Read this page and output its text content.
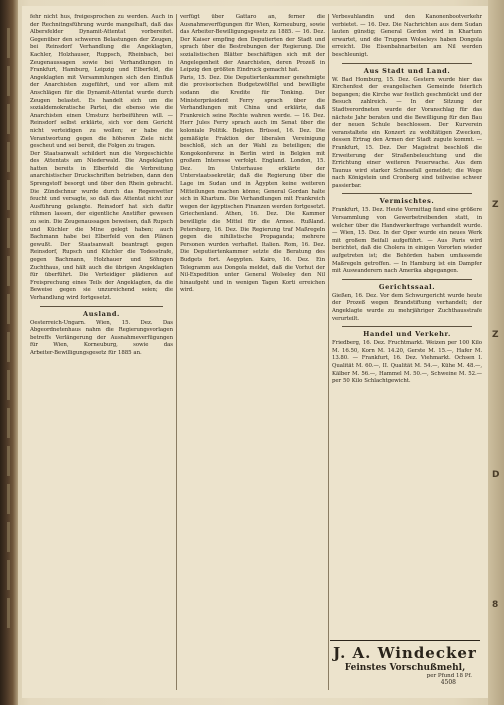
fehr nicht hus, freigesprochen zu werden. Auch in der Rechnitngsführung wurde mangelhaft, daß das Albersfelder Dynamit‑Attentat vorbereitet. Gegenüber den schweren Belastungen der Zeugen, bei Reinsdorf Verhandlung die Angeklagten, Kachler, Holzhauser, Ruppsch, Rheinbach, bei Zeugenaussagen sowie bei Verhandlungen in Frankfurt, Hamburg, Leipzig und Elberfeld, die Angeklagten mit Versammlungen sich den Einfluß der Anarchisten zugeführt, und vor allem mit Anschlägen für die Dynamit‑Attentat wurde durch Zeugen belastet. Es handelt sich um die sozialdemokratische Partei, die ebenso wie die Anarchisten einen Umsturz herbeiführen will. — Reinsdorf selbst erklärte, sich vor dem Gericht nicht verteidigen zu wollen; er habe die Verantwortung gegen die höheren Ziele nicht gescheut und sei bereit, die Folgen zu tragen.

Der Staatsanwalt schildert nun die Vorgeschichte des Attentats am Niederwald. Die Angeklagten hatten bereits in Elberfeld die Verbreitung anarchistischer Druckschriften betrieben, dann den Sprengstoff besorgt und über den Rhein gebracht. Die Zündschnur wurde durch das Regenwetter feucht und versagte, so daß das Attentat nicht zur Ausführung gelangte. Reinsdorf hat sich dafür rühmen lassen, der eigentliche Anstifter gewesen zu sein. Die Zeugenaussagen beweisen, daß Rupsch und Küchler die Mine gelegt haben; auch Bachmann habe bei Elberfeld von den Plänen gewußt. Der Staatsanwalt beantragt gegen Reinsdorf, Rupsch und Küchler die Todesstrafe, gegen Bachmann, Holzhauer und Söhngen Zuchthaus, und hält auch die übrigen Angeklagten für überführt. Die Verteidiger plädieren auf Freisprechung eines Teils der Angeklagten, da die Beweise gegen sie unzureichend seien; die Verhandlung wird fortgesetzt.

Ausland.

Oesterreich‑Ungarn. Wien, 15. Dez. Das Abgeordnetenhaus nahm die Regierungsvorlagen betreffs Verlängerung der Ausnahmeverfügungen für Wien, Korneuburg, sowie das Arbeiter‑Bewilligungsgesetz für 1885 an.

verfügt über Gattaro an, ferner die Ausnahmeverfügungen für Wien, Korneuburg, sowie das Arbeiter‑Bewilligungsgesetz zu 1885. — 16. Dez. Der Kaiser empfing den Deputierten der Stadt und sprach über die Bestrebungen der Regierung. Die sozialistischen Blätter beschäftigen sich mit der Angelegenheit der Anarchisten, deren Prozeß in Leipzig den größten Eindruck gemacht hat.

Paris, 15. Dez. Die Deputiertenkammer genehmigte die provisorischen Budgetzwölftel und bewilligte sodann die Kredite für Tonking. Der Ministerpräsident Ferry sprach über die Verhandlungen mit China und erklärte, daß Frankreich seine Rechte wahren werde. — 16. Dez. Herr Jules Ferry sprach auch im Senat über die koloniale Politik. Belgien. Brüssel, 16. Dez. Die gemäßigte Fraktion der liberalen Vereinigung beschloß, sich an der Wahl zu beteiligen; die Kongokonferenz in Berlin wird in Belgien mit großem Interesse verfolgt. England. London, 15. Dez. Im Unterhause erklärte der Unterstaatssekretär, daß die Regierung über die Lage im Sudan und in Ägypten keine weiteren Mitteilungen machen könne; General Gordan halte sich in Khartum. Die Verhandlungen mit Frankreich wegen der ägyptischen Finanzen werden fortgesetzt. Griechenland. Athen, 16. Dez. Die Kammer bewilligte die Mittel für die Armee. Rußland. Petersburg, 16. Dez. Die Regierung traf Maßregeln gegen die nihilistische Propaganda; mehrere Personen wurden verhaftet. Italien. Rom, 16. Dez. Die Deputiertenkammer setzte die Beratung des Budgets fort. Aegypten. Kairo, 16. Dez. Ein Telegramm aus Dongola meldet, daß die Vorhut der Nil‑Expedition unter General Wolseley den Nil hinaufgeht und in wenigen Tagen Korti erreichen wird.

Verbesuhlandin und den Kanonenbootverkehr verbietet. — 16. Dez. Die Nachrichten aus dem Sudan lauten günstig; General Gordon wird in Khartum erwartet, und die Truppen Wolseleys haben Dongola erreicht. Die Eisenbahnarbeiten am Nil werden beschleunigt.

Aus Stadt und Land.

W. Bad Homburg, 15. Dez. Gestern wurde hier das Kirchenfest der evangelischen Gemeinde feierlich begangen; die Kirche war festlich geschmückt und der Besuch zahlreich. — In der Sitzung der Stadtverordneten wurde der Voranschlag für das nächste Jahr beraten und die Bewilligung für den Bau der neuen Schule beschlossen. Der Kurverein veranstaltete ein Konzert zu wohltätigen Zwecken, dessen Ertrag den Armen der Stadt zugute kommt. — Frankfurt, 15. Dez. Der Magistrat beschloß die Erweiterung der Straßenbeleuchtung und die Errichtung einer weiteren Feuerwache. Aus dem Taunus wird starker Schneefall gemeldet; die Wege nach Königstein und Cronberg sind teilweise schwer passierbar.

Vermischtes.

Frankfurt, 15. Dez. Heute Vormittag fand eine größere Versammlung von Gewerbetreibenden statt, in welcher über die Handwerkerfrage verhandelt wurde. — Wien, 15. Dez. In der Oper wurde ein neues Werk mit großem Beifall aufgeführt. — Aus Paris wird berichtet, daß die Cholera in einigen Vororten wieder aufgetreten ist; die Behörden haben umfassende Maßregeln getroffen. — In Hamburg ist ein Dampfer mit Auswanderern nach Amerika abgegangen.

Gerichtssaal.

Gießen, 16. Dez. Vor dem Schwurgericht wurde heute der Prozeß wegen Brandstiftung verhandelt; der Angeklagte wurde zu mehrjähriger Zuchthausstrafe verurteilt.

Handel und Verkehr.

Friedberg, 16. Dez. Fruchtmarkt. Weizen per 100 Kilo M. 16.50, Korn M. 14.20, Gerste M. 15.—, Hafer M. 13.80. — Frankfurt, 16. Dez. Viehmarkt. Ochsen I. Qualität M. 60.—, II. Qualität M. 54.—, Kühe M. 48.—, Kälber M. 56.—, Hammel M. 50.—, Schweine M. 52.— per 50 Kilo Schlachtgewicht.

J. A. Windecker
Feinstes Vorschußmehl,
per Pfund 18 Pf.
4508
Z
Z
D
8
